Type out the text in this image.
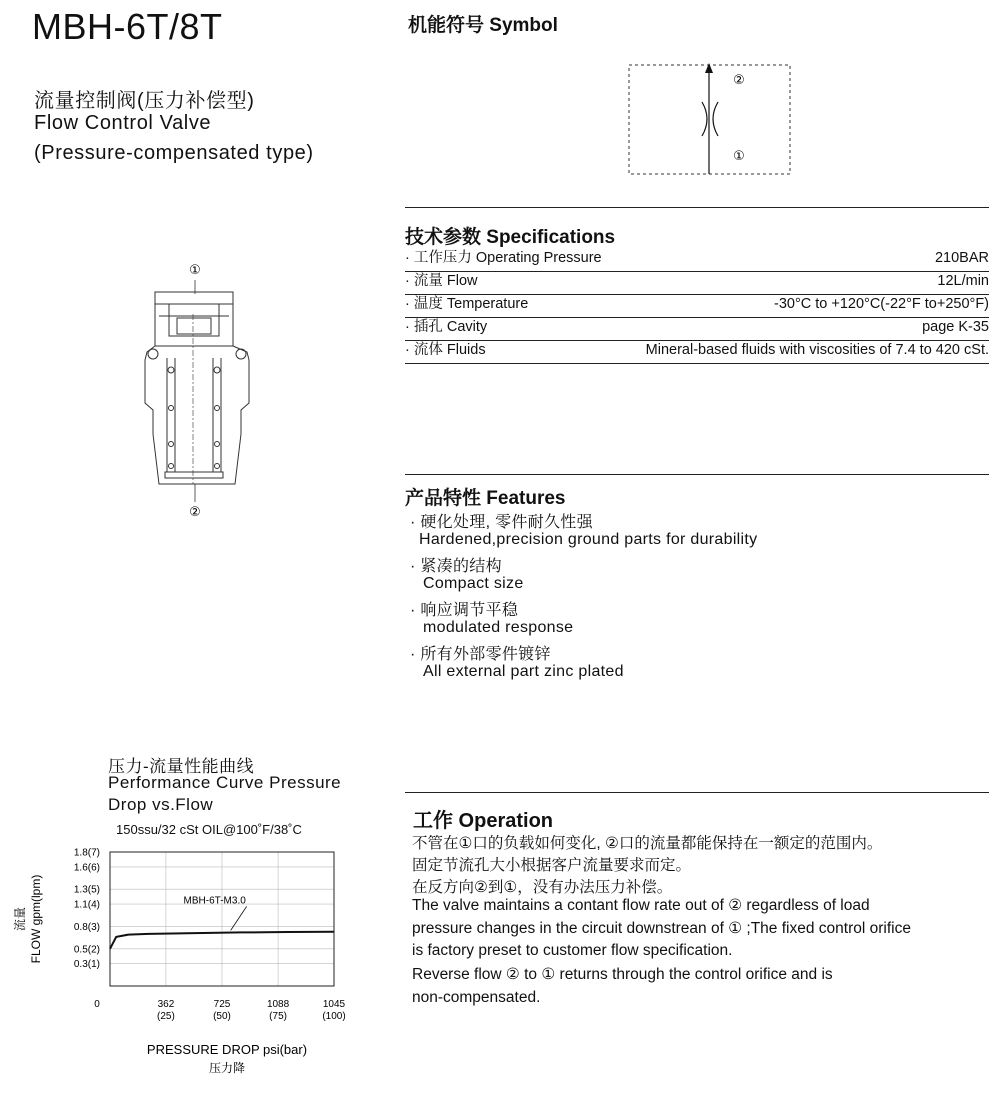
MBH-6T/8T
流量控制阀(压力补偿型)
Flow Control Valve
(Pressure-compensated type)
机能符号 Symbol
②
①
①
②
技术参数 Specifications
· 工作压力 Operating Pressure	210BAR
· 流量 Flow	12L/min
· 温度 Temperature	-30°C to +120°C(-22°F to+250°F)
· 插孔 Cavity	page K-35
· 流体 Fluids	Mineral-based fluids with viscosities of 7.4 to 420 cSt.
产品特性 Features
· 硬化处理, 零件耐久性强
Hardened,precision ground parts for durability
· 紧凑的结构
Compact size
· 响应调节平稳
modulated response
· 所有外部零件镀锌
All external part zinc plated
工作 Operation
不管在①口的负载如何变化, ②口的流量都能保持在一额定的范围内。
固定节流孔大小根据客户流量要求而定。
在反方向②到①，没有办法压力补偿。
The valve maintains a contant flow rate out of ② regardless of load
pressure changes in the circuit downstrean of ① ;The fixed control orifice
is factory preset to customer flow specification.
Reverse flow ② to ① returns through the control orifice and is
non-compensated.
压力-流量性能曲线
Performance Curve Pressure
Drop vs.Flow
150ssu/32 cSt OIL@100˚F/38˚C
0.3(1)
0.5(2)
0.8(3)
1.1(4)
1.3(5)
1.6(6)
1.8(7)
362
(25)
725
(50)
1088
(75)
1045
(100)
0
MBH-6T-M3.0
FLOW gpm(lpm)
流量
PRESSURE DROP psi(bar)
压力降
